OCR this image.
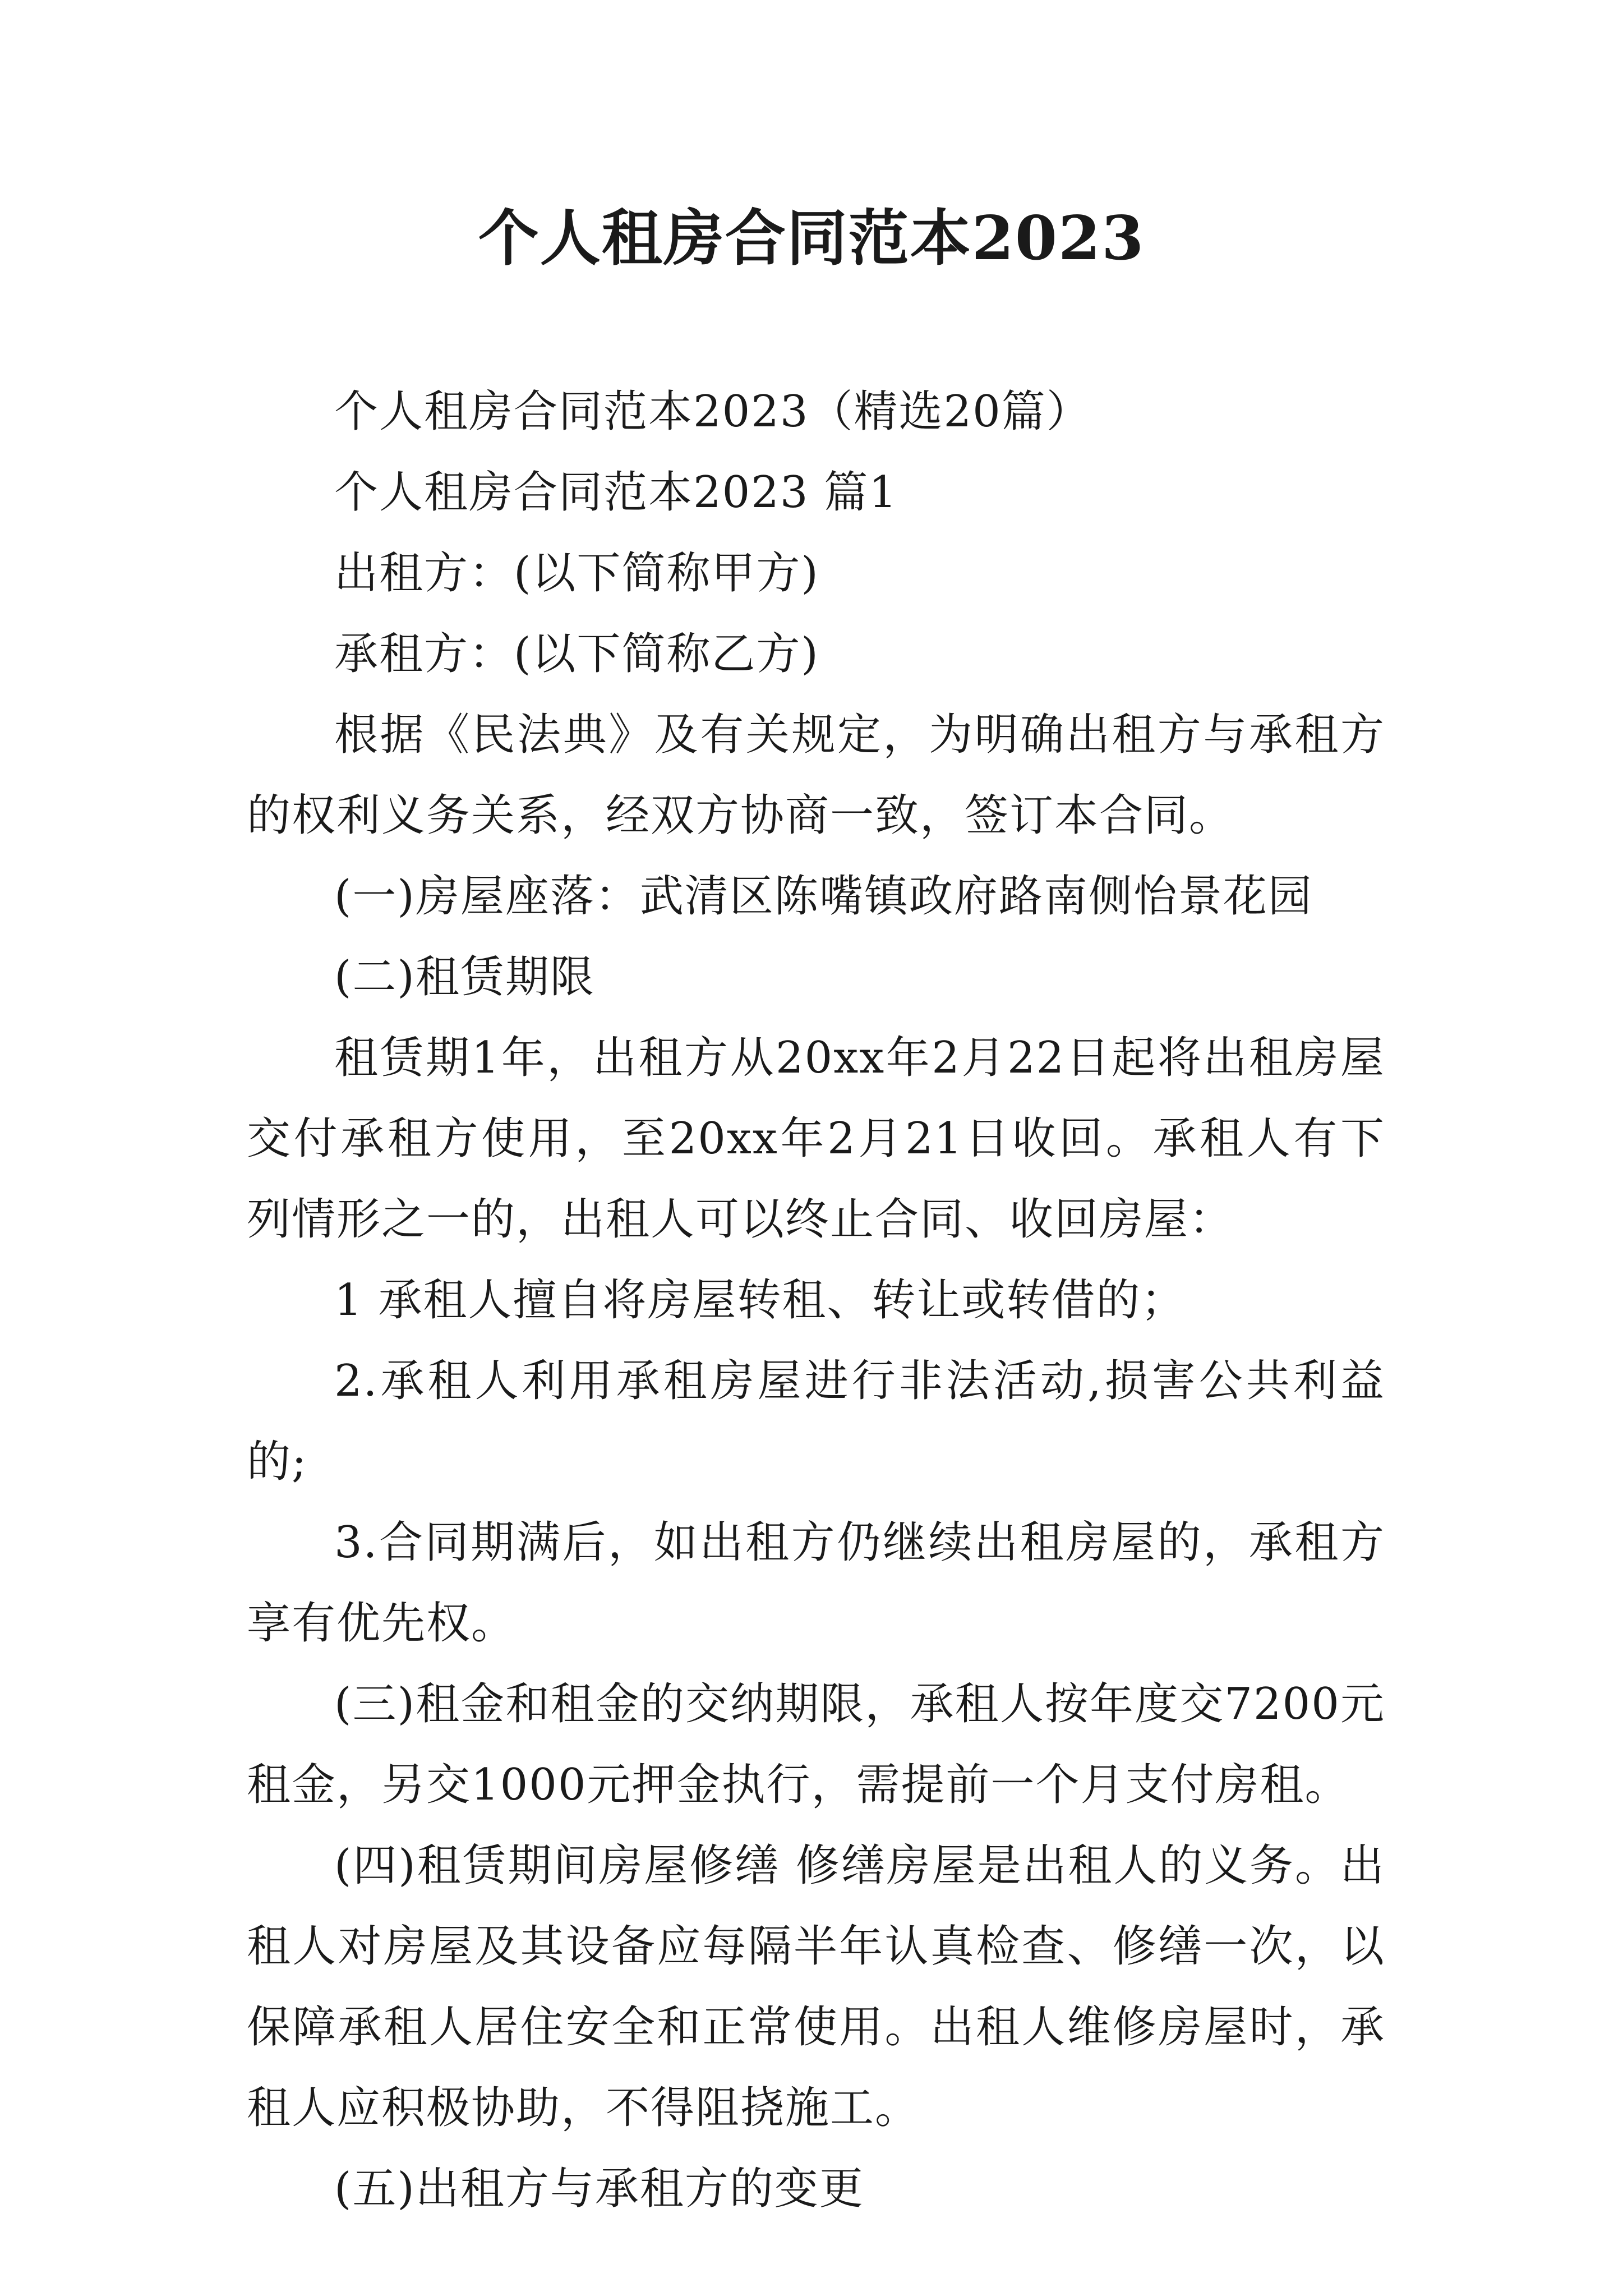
个人租房合同范本2023

个人租房合同范本2023（精选20篇）

个人租房合同范本2023 篇1

出租方：(以下简称甲方)

承租方：(以下简称乙方)

根据《民法典》及有关规定，为明确出租方与承租方的权利义务关系，经双方协商一致，签订本合同。

(一)房屋座落：武清区陈嘴镇政府路南侧怡景花园

(二)租赁期限

租赁期1年，出租方从20xx年2月22日起将出租房屋交付承租方使用，至20xx年2月21日收回。承租人有下列情形之一的，出租人可以终止合同、收回房屋：

1 承租人擅自将房屋转租、转让或转借的；

2.承租人利用承租房屋进行非法活动,损害公共利益的;

3.合同期满后，如出租方仍继续出租房屋的，承租方享有优先权。

(三)租金和租金的交纳期限，承租人按年度交7200元租金，另交1000元押金执行，需提前一个月支付房租。

(四)租赁期间房屋修缮 修缮房屋是出租人的义务。出租人对房屋及其设备应每隔半年认真检查、修缮一次，以保障承租人居住安全和正常使用。出租人维修房屋时，承租人应积极协助，不得阻挠施工。

(五)出租方与承租方的变更
